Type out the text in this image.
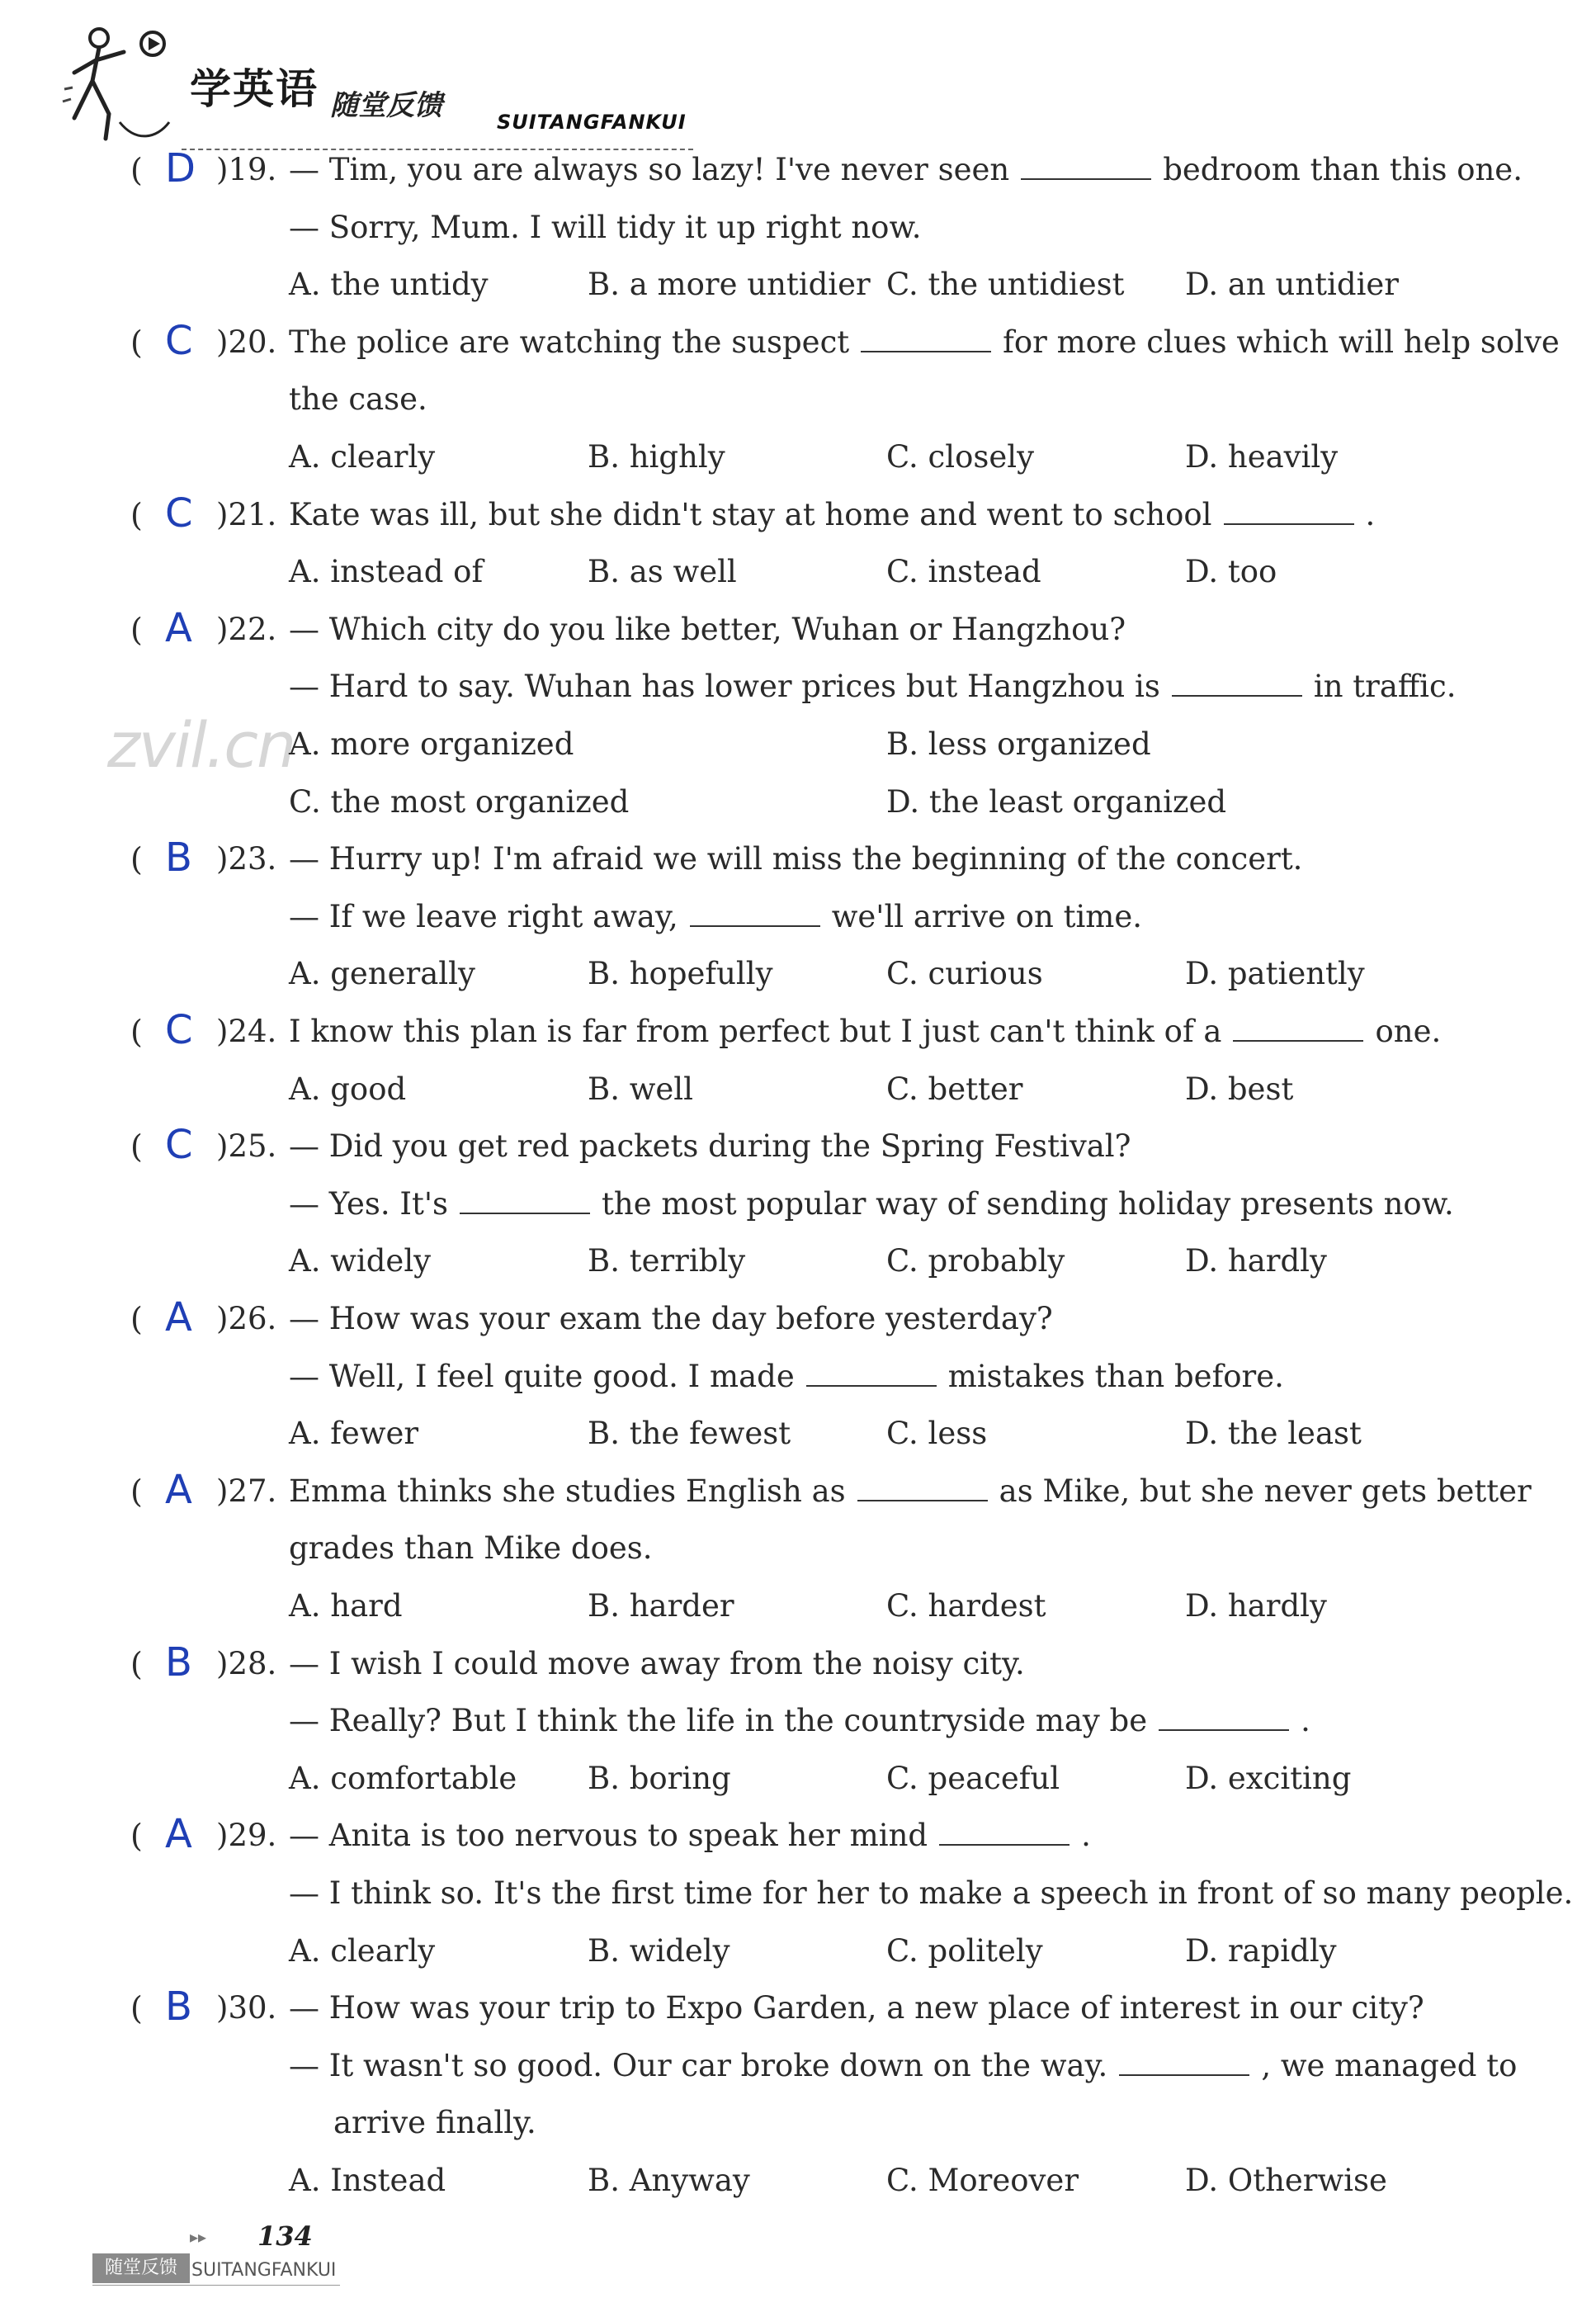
学英语 随堂反馈	SUITANGFANKUI
zvil.cn
( D )19. — Tim, you are always so lazy! I've never seen	bedroom than this one.
— Sorry, Mum. I will tidy it up right now.
A. the untidy	B. a more untidier C. the untidiest D. an untidier
( C )20. The police are watching the suspect	for more clues which will help solve
the case.
A. clearly	B. highly	C. closely	D. heavily
( C )21. Kate was ill, but she didn't stay at home and went to school	.
A. instead of	B. as well	C. instead	D. too
( A )22. — Which city do you like better, Wuhan or Hangzhou?
— Hard to say. Wuhan has lower prices but Hangzhou is	in traffic.
A. more organized	B. less organized
C. the most organized	D. the least organized
( B )23. — Hurry up! I'm afraid we will miss the beginning of the concert.
— If we leave right away,	we'll arrive on time.
A. generally	B. hopefully	C. curious	D. patiently
( C )24. I know this plan is far from perfect but I just can't think of a	one.
A. good	B. well	C. better	D. best
( C )25. — Did you get red packets during the Spring Festival?
— Yes. It's	the most popular way of sending holiday presents now.
A. widely	B. terribly	C. probably	D. hardly
( A )26. — How was your exam the day before yesterday?
— Well, I feel quite good. I made	mistakes than before.
A. fewer	B. the fewest	C. less	D. the least
( A )27. Emma thinks she studies English as	as Mike, but she never gets better
grades than Mike does.
A. hard	B. harder	C. hardest	D. hardly
( B )28. — I wish I could move away from the noisy city.
— Really? But I think the life in the countryside may be	.
A. comfortable B. boring	C. peaceful	D. exciting
( A )29. — Anita is too nervous to speak her mind	.
— I think so. It's the first time for her to make a speech in front of so many people.
A. clearly	B. widely	C. politely	D. rapidly
( B )30. — How was your trip to Expo Garden, a new place of interest in our city?
— It wasn't so good. Our car broke down on the way.	, we managed to
arrive finally.
A. Instead	B. Anyway	C. Moreover	D. Otherwise
▸▸ 134
随堂反馈 SUITANGFANKUI
